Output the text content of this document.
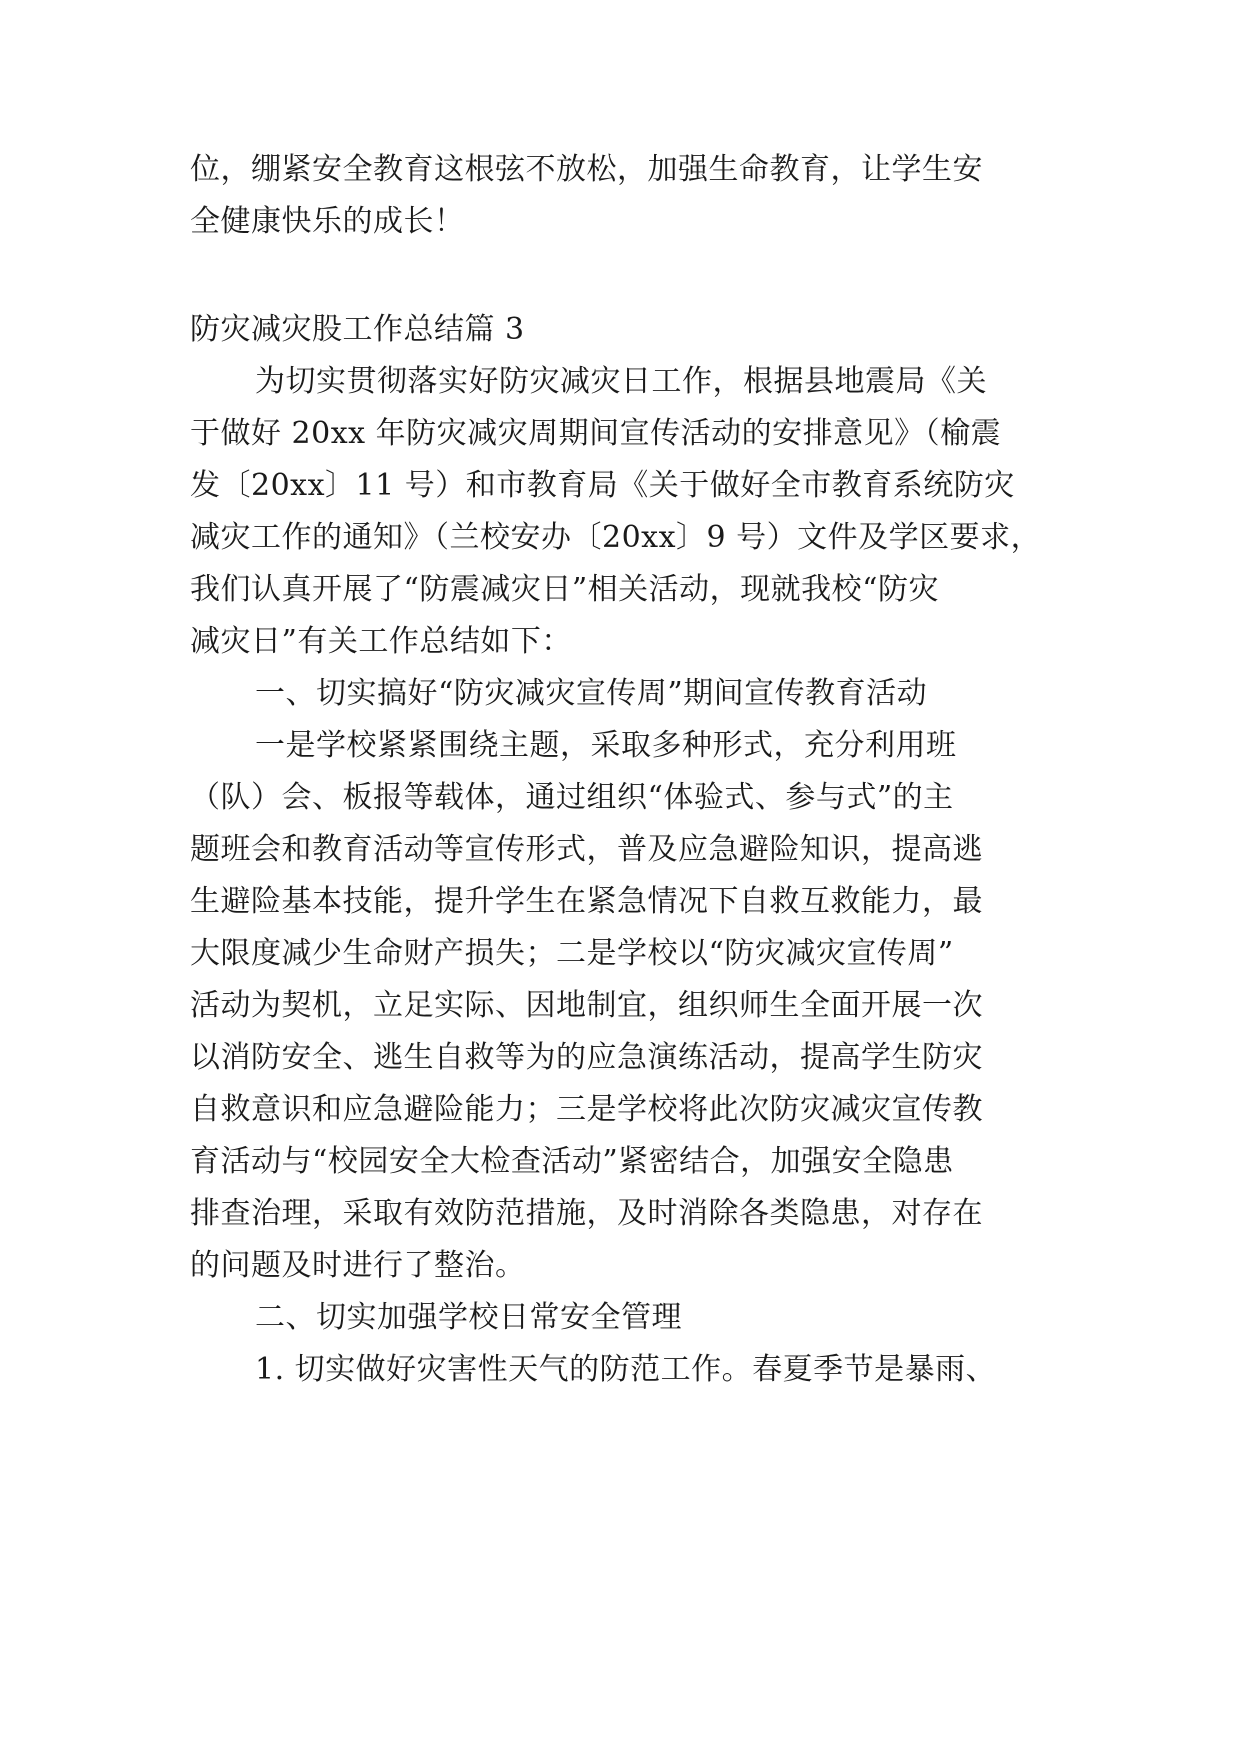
位，绷紧安全教育这根弦不放松，加强生命教育，让学生安
全健康快乐的成长！
防灾减灾股工作总结篇 3
为切实贯彻落实好防灾减灾日工作，根据县地震局《关
于做好 20xx 年防灾减灾周期间宣传活动的安排意见》（榆震
发〔20xx〕11 号）和市教育局《关于做好全市教育系统防灾
减灾工作的通知》（兰校安办〔20xx〕9 号）文件及学区要求，
我们认真开展了“防震减灾日”相关活动，现就我校“防灾
减灾日”有关工作总结如下：
一、切实搞好“防灾减灾宣传周”期间宣传教育活动
一是学校紧紧围绕主题，采取多种形式，充分利用班
（队）会、板报等载体，通过组织“体验式、参与式”的主
题班会和教育活动等宣传形式，普及应急避险知识，提高逃
生避险基本技能，提升学生在紧急情况下自救互救能力，最
大限度减少生命财产损失；二是学校以“防灾减灾宣传周”
活动为契机，立足实际、因地制宜，组织师生全面开展一次
以消防安全、逃生自救等为的应急演练活动，提高学生防灾
自救意识和应急避险能力；三是学校将此次防灾减灾宣传教
育活动与“校园安全大检查活动”紧密结合，加强安全隐患
排查治理，采取有效防范措施，及时消除各类隐患，对存在
的问题及时进行了整治。
二、切实加强学校日常安全管理
1. 切实做好灾害性天气的防范工作。春夏季节是暴雨、
